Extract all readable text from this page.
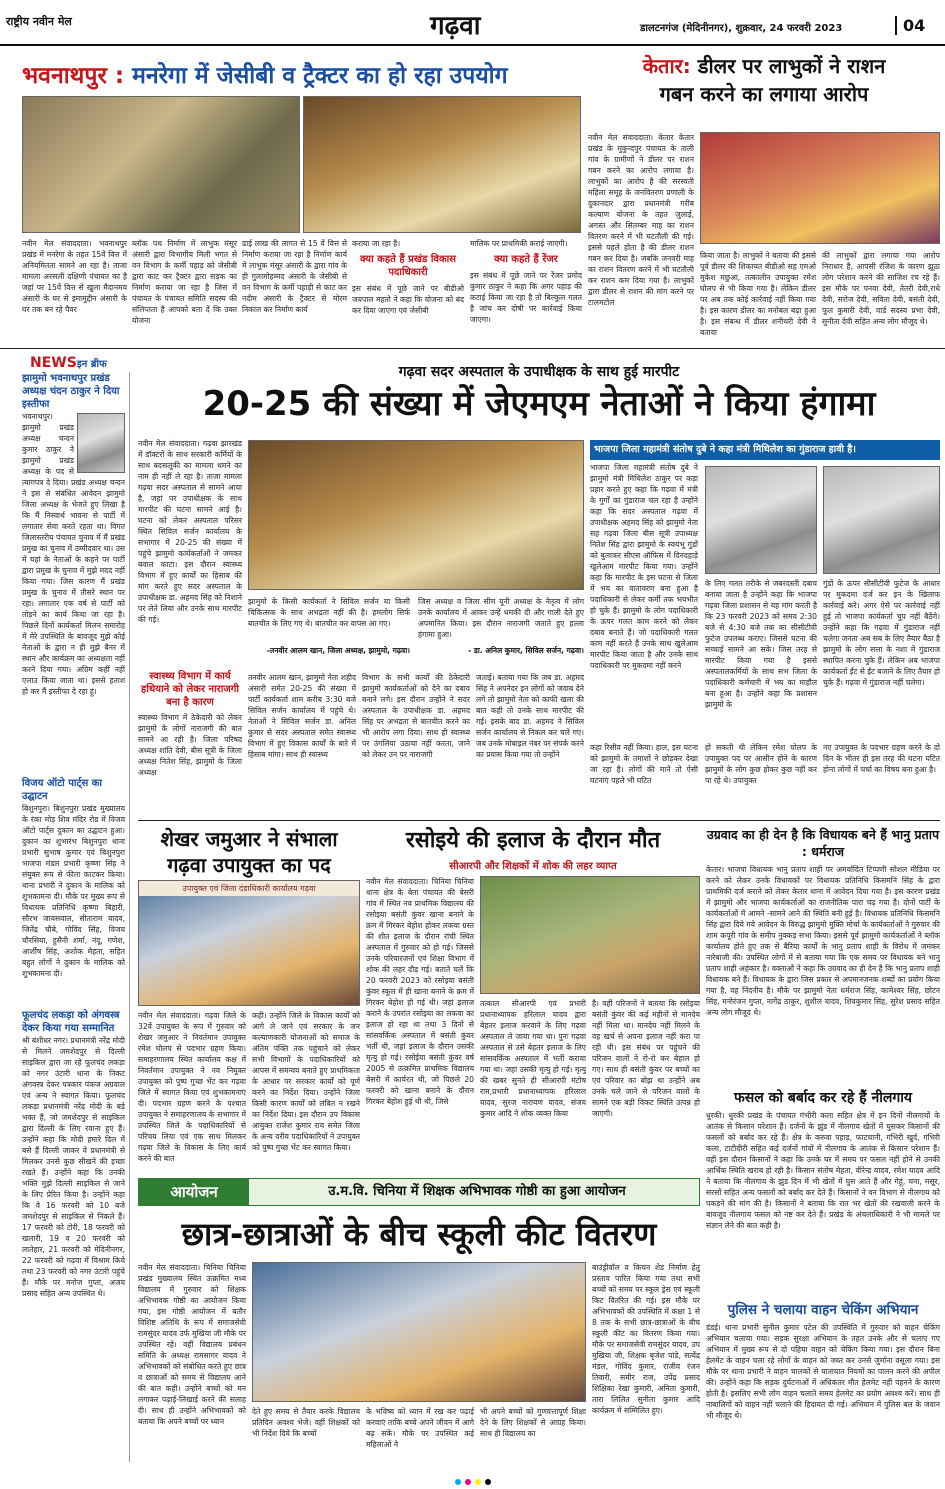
राष्ट्रीय नवीन मेल	गढ़वा	डालटनगंज (मेदिनीनगर), शुक्रवार, 24 फरवरी 2023	04
भवनाथपुर : मनरेगा में जेसीबी व ट्रैक्टर का हो रहा उपयोग
नवीन मेल संवाददाता। भवनाथपुर प्रखंड में मनरेगा के तहत 15वें वित्त में अनियमितता सामने आ रहा है। ताजा मामला अरसली दक्षिणी पंचायत का है जहां पर 15वें वित्त से खुला मैदानमय अंसारी के घर से इमामुद्दीन अंसारी के घर तक बन रहे पैवर
ब्लॉक पथ निर्माण में लाभुक मंसूर अंसारी द्वारा विभागीय मिली भगत से वन विभाग के कर्मी पहाड़ को जेसीबी द्वारा काट कर ट्रैक्टर द्वारा सड़क का निर्माण कराया जा रहा है जिस में पंचायत के पंचायत समिति सदस्य की संलिप्तता है आपको बता दें कि उक्त योजना
ढाई लाख की लागत से 15 वें वित्त से निर्माण कराया जा रहा है निर्माण कार्य में लाभुक मंसूर अंसारी के द्वारा गांव के ही गुलामोहम्मद अंसारी के जेसीबी से वन विभाग के कर्मी पहाड़ी से काट कर नदीम अंसारी के ट्रैक्टर से मोरम निकाल कर निर्माण कार्य
कराया जा रहा है।
क्या कहते हैं प्रखंड विकास पदाधिकारी
इस संबंध में पूछे जाने पर बीडीओ जयपाल महतो ने कहा कि योजना को बंद कर दिया जाएगा एवं जेसीबी
मालिक पर प्राथमिकी कराई जाएगी।
क्या कहते हैं रेंजर
इस संबंध में पूछे जाने पर रेंजर प्रमोद कुमार ठाकुर ने कहा कि अगर पहाड़ की कटाई किया जा रहा है तो बिल्कुल गलत है जांच कर दोषी पर कार्रवाई किया जाएगा।
केतार: डीलर पर लाभुकों ने राशन
गबन करने का लगाया आरोप
नवीन मेल संवाददाता। केतार केतार प्रखंड के मुकुन्दपुर पंचायत के ताली गांव के ग्रामीणों ने डीलर पर राशन गबन करने का आरोप लगाया है। लाभुकों का आरोप है की सरस्वती महिला समूह के जनवितरण प्रणाली के दुकानदार द्वारा प्रधानमंत्री गरीब कल्याण योजना के तहत जुलाई, अगस्त और सितम्बर माह का राशन वितरण करने में भी घटतौली की गई। इससे पहले होता है की डीलर राशन गबन कर दिया है। जबकि जनवरी माह का राशन वितरण करने में भी घटतौली कर राशन कम दिया गया है। लाभुकों द्वारा डीलर से राशन की मांग करने पर टालमटोल
किया जाता है। लाभुकों ने बताया की इससे पूर्व डीलर की शिकायत बीडीओ सह एमओ मुकेश मछुआ, तत्कालीन उपायुक्त रमेश घोलप से भी किया गया है। लेकिन डीलर पर अब तक कोई कार्रवाई नहीं किया गया है। इस कारण डीलर का मनोबल बढ़ा हुआ है। इस संबन्ध में डीलर शनीचरी देवी ने बताया
की लाभुकों द्वारा लगाया गया आरोप निराधार है, आपसी रंजिश के कारण झूठा लोग परेशान करने की साजिश रच रहे हैं। इस मौके पर पनवा देवी, तेतरी देवी,राधे देवी, सरोज देवी, सविता देवी, बसंती देवी, फूल कुमारी देवी, वार्ड सदस्य प्रभा देवी, सुनीता देवी सहित अन्य लोग मौजूद थे।
NEWSइन ब्रीफ
झामुमो भवनाथपुर प्रखंड अध्यक्ष चंदन ठाकुर ने दिया इस्तीफा
भवनाथपुर। झामुमो प्रखंड अध्यक्ष चन्दन कुमार ठाकुर ने झामुमो प्रखंड अध्यक्ष के पद से त्यागपत्र दे दिया। प्रखंड अध्यक्ष चन्दन ने इस से संबंधित आवेदन झामुमो जिला अध्यक्ष के भेजते हुए लिखा है कि मैं निस्वार्थ भावना से पार्टी में लगातार सेवा करते रहता था। विगत जिलास्तरीय पंचायत चुनाव में मैं प्रखंड प्रमुख का चुनाव में उम्मीदवार था। उस में यहां के नेताओं के कहने पर पार्टी द्वारा प्रमुख के चुनाव में मुझे मदद नहीं किया गया। जिस कारण मैं प्रखंड प्रमुख के चुनाव में तीसरे स्थान पर रहा। लगातार एक वर्ष से पार्टी को तोड़ने का कार्य किया जा रहा है। पिछले दिनों कार्यकर्ता मिलन समारोह में मेरे उपस्थिति के बावजूद मुझे कोई नेताओं के द्वारा न ही मुझे बैनर में स्थान और कार्यक्रम का अध्यक्षता नहीं करने दिया गया। अग्रिम कहीं नहीं एलाउ किया जाता था। इससे हताश हो कर मैं इस्तीफा दे रहा हूं।
विजय ऑटो पार्ट्स का उद्घाटन
बिशुनपुरा। बिशुनपुरा प्रखंड मुख्यालय के रंका मोड़ शिव मंदिर रोड में विजय ऑटो पार्ट्स दुकान का उद्घाटन हुआ। दुकान का शुभारंभ बिशुनपुरा थाना प्रभारी सुभाष कुमार एवं बिशुनपुरा भाजपा मंडल प्रभारी कृष्णा सिंह ने संयुक्त रूप से फीता काटकर किया। थाना प्रभारी ने दुकान के मालिक को शुभकामना दी। मौके पर मुख्य रूप से विधायक प्रतिनिधि कृष्णा बिहारी, सौरभ जायसवाल, सीताराम यादव, जितेंद्र चौबे, गोविंद सिंह, विजय चौरसिया, हुसैनी शर्मा, नंदू, गणेश, आर्शीष सिंह, अशोक मेहता, सहित बहुत लोगों ने दुकान के मालिक को शुभकामना दी।
फूलचंद लकड़ा को अंगवस्त्र देकर किया गया सम्मानित
श्री बंशीधर नगर। प्रधानमंत्री नरेंद्र मोदी से मिलने जमशेदपुर से दिल्ली साइकिल द्वारा जा रहे फूलचंद लकड़ा को नगर उंटारी थाना के निकट अंगवस्त्र देकर पत्रकार पंकज अग्रवाल एवं अन्य ने स्वागत किया। फूलचंद लकड़ा प्रधानमंत्री नरेंद्र मोदी के बड़े भक्त हैं, जो जमशेदपुर से साइकिल द्वारा दिल्ली के लिए रवाना हुए हैं। उन्होंने कहा कि मोदी हमारे दिल में बसे हैं दिल्ली जाकर वे प्रधानमंत्री से मिलकर उनसे कुछ सीखने की इच्छा रखते हैं। उन्होंने कहा कि उनकी भक्ति मुझे दिल्ली साइकिल से जाने के लिए प्रेरित किया है। उन्होंने कहा कि वे 16 फरवरी को 10 बजे जमशेदपुर से साइकिल से निकले हैं। 17 फरवरी को टोरी, 18 फरवरी को खलारी, 19 व 20 फरवरी को लातेहार, 21 फरवरी को मेदिनीनगर, 22 फरवरी को गढ़वा में विश्राम किये तथा 23 फरवरी को नगर उंटारी पहुंचे हैं। मौके पर मनोज गुप्ता, अजय प्रसाद सहित अन्य उपस्थित थे।
गढ़वा सदर अस्पताल के उपाधीक्षक के साथ हुई मारपीट
20-25 की संख्या में जेएमएम नेताओं ने किया हंगामा
नवीन मेल संवाददाता। गढ़वा झारखंड में डॉक्टरों के साथ सरकारी कर्मियों के साथ बदसलूकी का मामला थमने का नाम ही नहीं ले रहा है। ताजा मामला गढ़वा सदर अस्पताल से सामने आया है, जहां पर उपाधीक्षक के साथ मारपीट की घटना सामने आई है। घटना को लेकर अस्पताल परिसर स्थित सिविल सर्जन कार्यालय के सभागार में 20-25 की संख्या में पहुंचे झामुमो कार्यकर्ताओं ने जमकर बवाल काटा। इस दौरान स्वास्थ्य विभाग में हुए कार्यों का हिसाब की मांग करते हुए सदर अस्पताल के उपाधीक्षक डा. अहमद सिंह को निशाने पर लेते लिया और उनके साथ मारपीट की गई।
झामुमो के किसी कार्यकर्ता ने सिविल सर्जन या किसी चिकित्सक के साथ अभद्रता नहीं की है। हमलोग सिर्फ बातचीत के लिए गए थे। बातचीत कर वापस आ गए।
-तनवीर आलम खान, जिला अध्यक्ष, झामुमो, गढ़वा।
जिस अध्यक्ष व जिला सीम यूनी अध्यक्ष के नेतृत्व में लोग उनके कार्यालय में आकर उन्हें धमकी दी और गाली देते हुए अपमानित किया। इस दौरान नाराजगी जताते हुए हल्ला हंगामा हुआ।
- डा. अनिल कुमार, सिविल सर्जन, गढ़वा।
स्वास्थ्य विभाग में कार्य हथियाने को लेकर नाराजगी बना है कारण
स्वास्थ्य विभाग में ठेकेदारी को लेकर झामुमो के लोगों नाराजगी की बात सामने आ रही है। जिला परिषद अध्यक्ष शांति देवी, बीस सूत्री के जिला अध्यक्ष नितेश सिंह, झामुमो के जिला अध्यक्ष
तनवीर आलम खान, झामुमो नेता शहीद अंसारी समेत 20-25 की संख्या में पार्टी कार्यकर्ता शाम करीब 3:30 बजे सिविल सर्जन कार्यालय में पहुंचे थे। नेताओं ने सिविल सर्जन डा. अनिल कुमार से सदर अस्पताल समेत स्वास्थ्य विभाग में हुए विकास कार्यों के बारे में हिसाब मांगा। साथ ही स्वास्थ्य
विभाग के सभी कार्यों की ठेकेदारी झामुमो कार्यकर्ताओं को देने का दबाव बनाने लगे। इस दौरान उन्होंने ने सदर अस्पताल के उपाधीक्षक डा. अहमद सिंह पर अभद्रता से बातचीत करने का भी आरोप लगा दिया। साथ ही स्वास्थ्य पर उंगलिया उठाया नहीं करता, जाने को लेकर उन पर नाराजगी
जताई। बताया गया कि जब डा. अहमद सिंह ने अपनेदर इन लोगों को जवाब देने लगे तो झामुमो नेता को काफी खला की बात कही तो उनके साथ मारपीट की गई। इसके बाद डा. अहमद ने सिविल सर्जन कार्यालय से निकल कर चले गए। जब उनके मोबाइल नंबर पर संपर्क करने का प्रयास किया गया तो उन्होंने
भाजपा जिला महामंत्री संतोष दुबे ने झामुमो मंत्री मिथिलेश ठाकुर पर कड़ा प्रहार करते हुए कहा कि गढ़वा में मंत्री के गुर्गों का गुंडाराज चल रहा है उन्होंने कहा कि सदर अस्पताल गढ़वा में उपाधीक्षक अहमद सिंह को झामुमो नेता सह गढ़वा जिला बीस सूत्री उपाध्यक्ष नितेश सिंह द्वारा झामुमो के स्वयंभू गुंडों को बुलाकर सीएस ऑफिस में दिनदहाड़े खुलेआम मारपीट किया गया। उन्होंने कहा कि मारपीट के इस घटना से जिला में भय का वातावरण बना हुआ है पदाधिकारी से लेकर कर्मी तक भयभीत हो चुके हैं। झामुमो के लोग पदाधिकारी के ऊपर गलत काम करने को लेकर दबाव बनाते हैं। जो पदाधिकारी गलत काम नहीं करते हैं उनके साथ खुलेआम मारपीट किया जाता है और उनके साथ पदाधिकारी पर मुकदमा नहीं करने
भाजपा जिला महामंत्री संतोष दुबे ने कहा मंत्री मिथिलेश का गुंडाराज हावी है।
के लिए गलत तरीके से जबरदस्ती दबाव बनाया जाता है उन्होंने कहा कि भाजपा गढ़वा जिला प्रशासन से यह मांग करती है कि 23 फरवरी 2023 को समय 2:30 बजे से 4:30 बजे तक का सीसीटीवी फुटेज उपलब्ध कराए। जिससे घटना की सच्चाई सामने आ सके। जिस तरह से मारपीट किया गया है इससे अस्पतालकर्मियों के साथ सभ जिला के पदाधिकारी कर्मचारी में भय का माहौल बना हुआ है। उन्होंने कहा कि प्रशासन झामुमो के
गुंडों के ऊपर सीसीटीवी फुटेज के आधार पर मुकदमा दर्ज कर इन के खिलाफ कार्रवाई करे। अगर ऐसे पर कार्रवाई नहीं हुई तो भाजपा कार्यकर्ता चुप नहीं बैठेंगे। उन्होंने कहा कि गढ़वा में गुंडाराज नहीं चलेगा जनता अब सब के लिए तैयार बैठा है झामुमो के लोग सत्ता के नशा में गुंडाराज स्थापित करना चुके हैं। लेकिन अब भाजपा कार्यकर्ता ईंट से ईंट बजाने के लिए तैयार हो चुके हैं। गढ़वा में गुंडाराज नहीं चलेगा।
कहा रिसीव नहीं किया। हाल, इस घटना को झामुमो के तमाशों ने छोड़कर देखा जा रहा है। लोगों की मानें तो ऐसी घटनाएं पहले भी घटित
हो सकती थी लेकिन रमेश घोलप के उपायुक्त पद पर आसीन होने के कारण झामुमो के लोग कुछ होकर कुछ नहीं कर पा रहे थे। उपायुक्त
नए उपायुक्त के पदभार ग्रहण करने के दो दिन के भीतर ही इस तरह की घटना घटित होना लोगों में चर्चा का विषय बना हुआ है।
शेखर जमुआर ने संभाला
गढ़वा उपायुक्त का पद
उपायुक्त एवं जिला दंडाधिकारी कार्यालय गढ़वा
नवीन मेल संवाददाता। गढ़वा जिले के 32वें उपायुक्त के रूप में गुरुवार को शेखर जमुआर ने निवर्तमान उपायुक्त रमेश घोलप से पदभार ग्रहण किया। समाहरणालय स्थित कार्यालय कक्ष में निवर्तमान उपायुक्त ने नव नियुक्त उपायुक्त को पुष्प गुच्छ भेंट कर गढ़वा जिले में स्वागत किया एवं शुभकामनाएं दी। पदभार ग्रहण करने के पश्चात उपायुक्त ने समाहरणालय के सभागार में उपस्थित जिले के पदाधिकारियों से परिचय लिया एवं एक साथ मिलकर गढ़वा जिले के विकास के लिए कार्य करने की बात
कही। उन्होंने जिले के विकास कार्यों को आगे ले जाने एवं सरकार के जन कल्याणकारी योजनाओं को समाज के अंतिम पंक्ति तक पहुंचाने को लेकर सभी विभागों के पदाधिकारियों को आपस में समन्वय बनाते हुए प्राथमिकता के आधार पर सरकार कार्यों को पूर्ण करने का निर्देश दिया। उन्होंने जिला किसी कारण कार्यों को लंबित न रखने का निर्देश दिया। इस दौरान उप विकास आयुक्त राजेश कुमार राय समेत जिला के अन्य वरीय पदाधिकारियों ने उपायुक्त को पुष्प गुच्छ भेंट कर स्वागत किया।
रसोइये की इलाज के दौरान मौत
सीआरपी और शिक्षकों में शोक की लहर व्याप्त
नवीन मेल संवाददाता। चिनिया चिनिया थाना क्षेत्र के बेता पंचायत की बेसरी गांव में स्थित नव प्राथमिक विद्यालय की रसोइया बसंती कुंवर खाना बनाने के क्रम में गिरकर बेहोश होकर लकवा ग्रस्त की शीत इलाज के दौरान रांची स्थित अस्पताल में गुरुवार को हो गई। जिससे उनके परिवारजनों एवं शिक्षा विभाग में शोक की लहर दौड़ गई। बताते चलें कि 20 फरवरी 2023 को रसोइया बसंती कुंवर स्कूल में ही खाना बनाने के क्रम में गिरकर बेहोश हो गई थी। जहां इलाज कराने के उपरांत रसोइया का लकवा का इलाज हो रहा था तथा 3 दिनों से सांसवर्किक अस्पताल में बसंती कुंवर भर्ती थी, जहां इलाज के दौरान उसकी मृत्यु हो गई। रसोईया बसंती कुंवर वर्ष 2005 से उत्क्रमित प्राथमिक विद्यालय बेसरी में कार्यरत थी, जो पिछले 20 फरवरी को खाना बनाने के दौरान गिरकर बेहोश हुई थी थी, जिसे
तत्काल सीआरपी एवं प्रभारी प्रधानाध्यापक हरिलाल यादव द्वारा बेहतर इलाज करवाने के लिए गढ़वा अस्पताल ले जाया गया था। पुनः गढ़वा अस्पताल से उसे बेहतर इलाज के लिए सांसवर्किक अस्पताल में भर्ती कराया गया था। जहां उसकी मृत्यु हो गई। मृत्यु की खबर सुनते ही सीआरपी मंटोष राम,प्रभारी प्रधानाध्यापक हरिलाल यादव, सुरज नारायण यादव, संजय कुमार आदि ने शोक व्यक्त किया
है। वहीं परिजनों ने बताया कि रसोइया बसंती कुंवर की कई महीनों से मानदेय नहीं मिला था। मानदेय नहीं मिलने के वह खर्च से अपना इलाज नहीं करा पा रही थी। इस संबंध पर पहुंचने की परिजन वालों ने रो-रो कर बेहाल हो गए। साथ ही बसंती कुंवर पर बच्चों का एवं परिवार का बोझ था उन्होंने अब उनके चले जाने से परिजन वालों के सामने एक बड़ी विकट स्थिति उत्पन्न हो जाएगी।
उग्रवाद का ही देन है कि विधायक बने हैं भानु प्रताप : धर्मराज
केतार। भाजपा विधायक भानु प्रताप शाही पर अमर्यादित टिप्पणी सोशल मीडिया पर करने को लेकर उनके विधायकों पर विधायक प्रतिनिधि किसमनि सिंह के द्वारा प्राथमिकी दर्ज कराने को लेकर केतार थाना में आवेदन दिया गया है। इस कारण प्रखंड में झामुमो और भाजपा कार्यकर्ताओं का राजनीतिक पारा चढ़ गया है। दोनों पार्टी के कार्यकर्ताओं में आमने -सामने आने की स्थिति बनी हुई है। विधायक प्रतिनिधि किसमनि सिंह द्वारा दिये गये आवेदन के विरुद्ध झामुमो मुक्ति मोर्चा के कार्यकर्ताओं ने गुरुवार की शाम कपूरी गांव के समीप नुक्कड़ सभा किया। इससे पूर्व झामुमो कार्यकर्ताओं ने ब्लॉक कार्यालय होते हुए तक से बैरिया कार्यों के भानु प्रताप शाही के विरोध में जमकर नारेबाजी की। उपस्थित लोगों में से बताया गया कि एक समय पर विधायक बने भानु प्रताप शाही अहंकार है। वक्ताओं ने कहा कि उग्रवाद का ही देन है कि भानु प्रताप शाही विधायक बने हैं। विधायक के द्वारा जिस प्रकार से अपमानजनक शब्दों का प्रयोग किया गया है, वह निंदनीय है। मौके पर झामुमो नेता धर्मराज सिंह, कामेश्वर सिंह, छोटन सिंह, मनोरंजन गुप्ता, नागेंद्र ठाकुर, शुशील यादव, शिवकुमार सिंह, सुरेश प्रसाद सहित अन्य लोग मौजूद थे।
फसल को बर्बाद कर रहे हैं नीलगाय
धुरकी। धुरकी प्रखंड के पंचायत गंभीरी कला सहित क्षेत्र में इन दिनों नीलगायों के आतंक से किसान परेशान हैं। दर्जनों के झुंड में नीलगाय खेतों में घुसकर किसानों की फसलों को बर्बाद कर रहे हैं। क्षेत्र के करुवा पहाड़, फाटचानी, गंभिरी खुर्द, गंभिरी कला, टाटीदीरी सहित कई दर्जनों गांवों में नीलगाय के आतंक से किसान परेशान हैं। वहीं इस दौरान किसानों ने कहा कि उनके घर में समय पर फसल नहीं होने से उनकी आर्थिक स्थिति खराब हो रही है। किसान संतोष मेहता, वीरेन्द्र यादव, रमेश यादव आदि ने बताया कि नीलगाय के झुंड दिन में भी खेतों में घुस आते हैं और गेहूं, चना, मसूर, सरसों सहित अन्य फसलों को बर्बाद कर देते हैं। किसानों ने वन विभाग से नीलगाय को पकड़ने की मांग की है। किसानों ने बताया कि रात भर खेतों की रखवाली करने के बावजूद नीलगाय फसल को नष्ट कर देते हैं। प्रखंड के अंचलाधिकारी ने भी मामले पर संज्ञान लेने की बात कही है।
पुलिस ने चलाया वाहन चेकिंग अभियान
डंडई। थाना प्रभारी सुनील कुमार पटेल की उपस्थिति में गुरुवार को वाहन चेकिंग अभियान चलाया गया। सड़क सुरक्षा अभियान के तहत उनके और से चलाए गए अभियान में मुख्य रूप से दो पहिया वाहन को चेकिंग किया गया। इस दौरान बिना हेलमेट के वाहन चला रहे लोगों के वाहन को जब्त कर उनसे जुर्माना वसूला गया। इस मौके पर थाना प्रभारी ने वाहन चालकों से यातायात नियमों का पालन करने की अपील की। उन्होंने कहा कि सड़क दुर्घटनाओं में अधिकतर मौत हेलमेट नहीं पहनने के कारण होती है। इसलिए सभी लोग वाहन चलाते समय हेलमेट का प्रयोग अवश्य करें। साथ ही नाबालिगों को वाहन नहीं चलाने की हिदायत दी गई। अभियान में पुलिस बल के जवान भी मौजूद थे।
आयोजन	उ.म.वि. चिनिया में शिक्षक अभिभावक गोष्ठी का हुआ आयोजन
छात्र-छात्राओं के बीच स्कूली कीट वितरण
नवीन मेल संवाददाता। चिनिया चिनिया प्रखंड मुख्यालय स्थित उत्क्रमित मध्य विद्यालय में गुरुवार को शिक्षक अभिभावक गोष्ठी का आयोजन किया गया, इस गोष्ठी आयोजन में बतौर विशिष्ट अतिथि के रूप में समाजसेवी रामसुंदर यादव उर्फ मुखिया जी मौके पर उपस्थित रहे। वहीं विद्यालय प्रबंधन समिति के अध्यक्ष रामसागर यादव ने अभिभावकों को संबोधित करते हुए छात्र व छात्राओं को समय से विद्यालय आने की बात कही। उन्होंने बच्चों को मन लगाकर पढ़ाई-लिखाई करने की सलाह दी। साथ ही उन्होंने अभिभावकों को बताया कि अपने बच्चों पर ध्यान
देते हुए समय से तैयार करके विद्यालय प्रतिदिन अवश्य भेजें। वहीं शिक्षकों को भी निर्देश दिये कि बच्चों
के भविष्य को ध्यान में रख कर पढ़ाई करवाएं ताकि बच्चे अपने जीवन में आगे बढ़ सकें। मौके पर उपस्थित कई महिलाओं ने
भी अपने बच्चों को गुणवत्तापूर्ण शिक्षा देने के लिए शिक्षकों से आग्रह किया। साथ ही विद्यालय का
बाउंड्रीवॉल व किचन शेड निर्माण हेतु प्रस्ताव पारित किया गया तथा सभी बच्चों को समय पर स्कूल ड्रेस एवं स्कूली किट वितरित की गई। इस मौके पर अभिभावकों की उपस्थिति में कक्षा 1 से 8 तक के सभी छात्र-छात्राओं के बीच स्कूली कीट का वितरण किया गया। मौके पर समाजसेवी रामसुंदर यादव, उप मुखिया जी, शिक्षक बृजेश पांडे, सत्येंद्र मंडल, गोविंद कुमार, राजीव रंजन तिवारी, समीर राज, उपेंद्र प्रसाद शिक्षिका रेखा कुमारी, अनिता कुमारी, तारा लिलित सुनीता कुमार आदि कार्यक्रम में सम्मिलित हुए।
